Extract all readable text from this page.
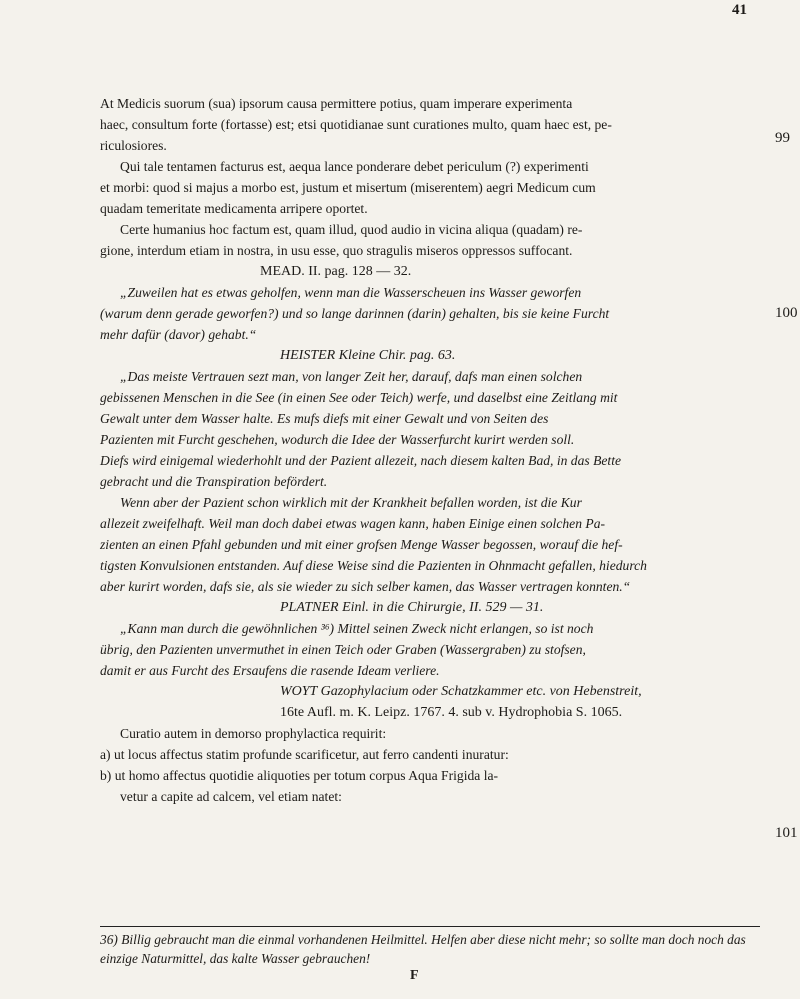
41

At Medicis suorum (sua) ipsorum causa permittere potius, quam imperare experimenta

haec, consultum forte (fortasse) est; etsi quotidianae sunt curationes multo, quam haec est, pe-

riculosiores.

Qui tale tentamen facturus est, aequa lance ponderare debet periculum (?) experimenti

et morbi: quod si majus a morbo est, justum et misertum (miserentem) aegri Medicum cum

quadam temeritate medicamenta arripere oportet.

Certe humanius hoc factum est, quam illud, quod audio in vicina aliqua (quadam) re-

gione, interdum etiam in nostra, in usu esse, quo stragulis miseros oppressos suffocant.

MEAD. II. pag. 128 — 32.

„Zuweilen hat es etwas geholfen, wenn man die Wasserscheuen ins Wasser geworfen

(warum denn gerade geworfen?) und so lange darinnen (darin) gehalten, bis sie keine Furcht

mehr dafür (davor) gehabt.“

HEISTER Kleine Chir. pag. 63.

„Das meiste Vertrauen sezt man, von langer Zeit her, darauf, dafs man einen solchen

gebissenen Menschen in die See (in einen See oder Teich) werfe, und daselbst eine Zeitlang mit

Gewalt unter dem Wasser halte. Es mufs diefs mit einer Gewalt und von Seiten des

Pazienten mit Furcht geschehen, wodurch die Idee der Wasserfurcht kurirt werden soll.

Diefs wird einigemal wiederhohlt und der Pazient allezeit, nach diesem kalten Bad, in das Bette

gebracht und die Transpiration befördert.

Wenn aber der Pazient schon wirklich mit der Krankheit befallen worden, ist die Kur

allezeit zweifelhaft. Weil man doch dabei etwas wagen kann, haben Einige einen solchen Pa-

zienten an einen Pfahl gebunden und mit einer grofsen Menge Wasser begossen, worauf die hef-

tigsten Konvulsionen entstanden. Auf diese Weise sind die Pazienten in Ohnmacht gefallen, hiedurch

aber kurirt worden, dafs sie, als sie wieder zu sich selber kamen, das Wasser vertragen konnten.“

PLATNER Einl. in die Chirurgie, II. 529 — 31.

„Kann man durch die gewöhnlichen ³⁶) Mittel seinen Zweck nicht erlangen, so ist noch

übrig, den Pazienten unvermuthet in einen Teich oder Graben (Wassergraben) zu stofsen,

damit er aus Furcht des Ersaufens die rasende Ideam verliere.

WOYT Gazophylacium oder Schatzkammer etc. von Hebenstreit,

16te Aufl. m. K. Leipz. 1767. 4. sub v. Hydrophobia S. 1065.

Curatio autem in demorso prophylactica requirit:

a) ut locus affectus statim profunde scarificetur, aut ferro candenti inuratur:

b) ut homo affectus quotidie aliquoties per totum corpus Aqua Frigida la-

vetur a capite ad calcem, vel etiam natet:

99
100
101
36) Billig gebraucht man die einmal vorhandenen Heilmittel. Helfen aber diese nicht mehr; so sollte man doch noch das einzige Naturmittel, das kalte Wasser gebrauchen!
F
